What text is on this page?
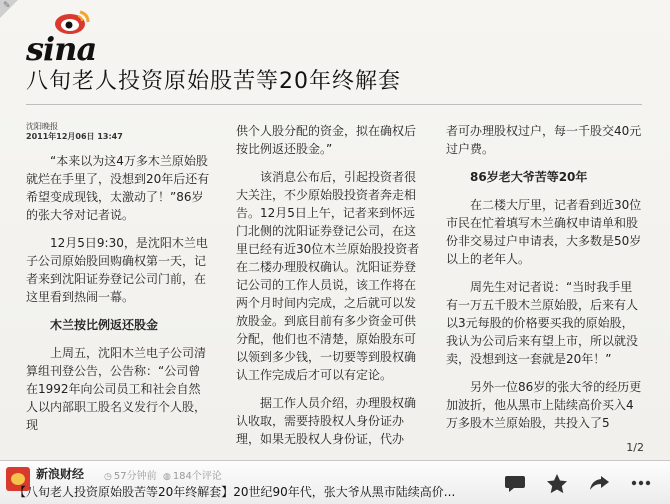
✎
sina
八旬老人投资原始股苦等20年终解套
沈阳晚报
2011年12月06日 13:47

“本来以为这4万多木兰原始股就烂在手里了，没想到20年后还有希望变成现钱，太激动了！”86岁的张大爷对记者说。

12月5日9:30，是沈阳木兰电子公司原始股回购确权第一天，记者来到沈阳证券登记公司门前，在这里看到热闹一幕。

木兰按比例返还股金

上周五，沈阳木兰电子公司清算组刊登公告，公告称：“公司曾在1992年向公司员工和社会自然人以内部职工股名义发行个人股，现

供个人股分配的资金，拟在确权后按比例返还股金。”

该消息公布后，引起投资者很大关注，不少原始股投资者奔走相告。12月5日上午，记者来到怀远门北侧的沈阳证券登记公司，在这里已经有近30位木兰原始股投资者在二楼办理股权确认。沈阳证券登记公司的工作人员说，该工作将在两个月时间内完成，之后就可以发放股金。到底目前有多少资金可供分配，他们也不清楚，原始股东可以领到多少钱，一切要等到股权确认工作完成后才可以有定论。

据工作人员介绍，办理股权确认收取，需要持股权人身份证办理，如果无股权人身份证，代办

者可办理股权过户，每一千股交40元过户费。

86岁老大爷苦等20年

在二楼大厅里，记者看到近30位市民在忙着填写木兰确权申请单和股份非交易过户申请表，大多数是50岁以上的老年人。

周先生对记者说：“当时我手里有一万五千股木兰原始股，后来有人以3元每股的价格要买我的原始股，我认为公司后来有望上市，所以就没卖，没想到这一套就是20年！”

另外一位86岁的张大爷的经历更加波折，他从黑市上陆续高价买入4万多股木兰原始股，共投入了5

1/2
新浪财经 ◷ 57分钟前 ◍ 184个评论
【八旬老人投资原始股苦等20年终解套】20世纪90年代，张大爷从黑市陆续高价...
